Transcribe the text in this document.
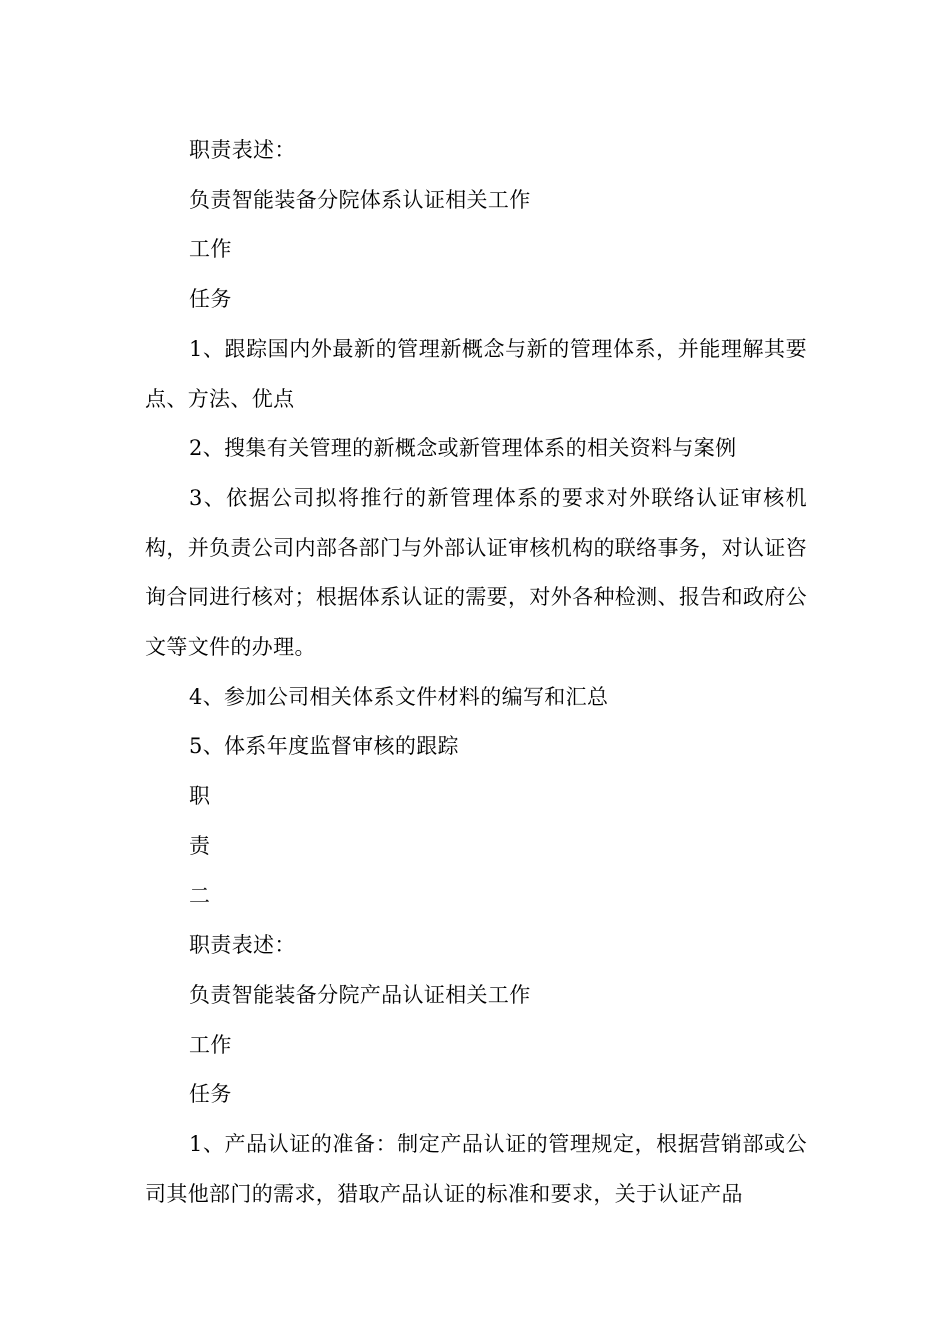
职责表述：

负责智能装备分院体系认证相关工作

工作

任务

1、跟踪国内外最新的管理新概念与新的管理体系，并能理解其要点、方法、优点

2、搜集有关管理的新概念或新管理体系的相关资料与案例

3、依据公司拟将推行的新管理体系的要求对外联络认证审核机构，并负责公司内部各部门与外部认证审核机构的联络事务，对认证咨询合同进行核对；根据体系认证的需要，对外各种检测、报告和政府公文等文件的办理。

4、参加公司相关体系文件材料的编写和汇总

5、体系年度监督审核的跟踪

职

责

二

职责表述：

负责智能装备分院产品认证相关工作

工作

任务

1、产品认证的准备：制定产品认证的管理规定，根据营销部或公司其他部门的需求，猎取产品认证的标准和要求，关于认证产品
